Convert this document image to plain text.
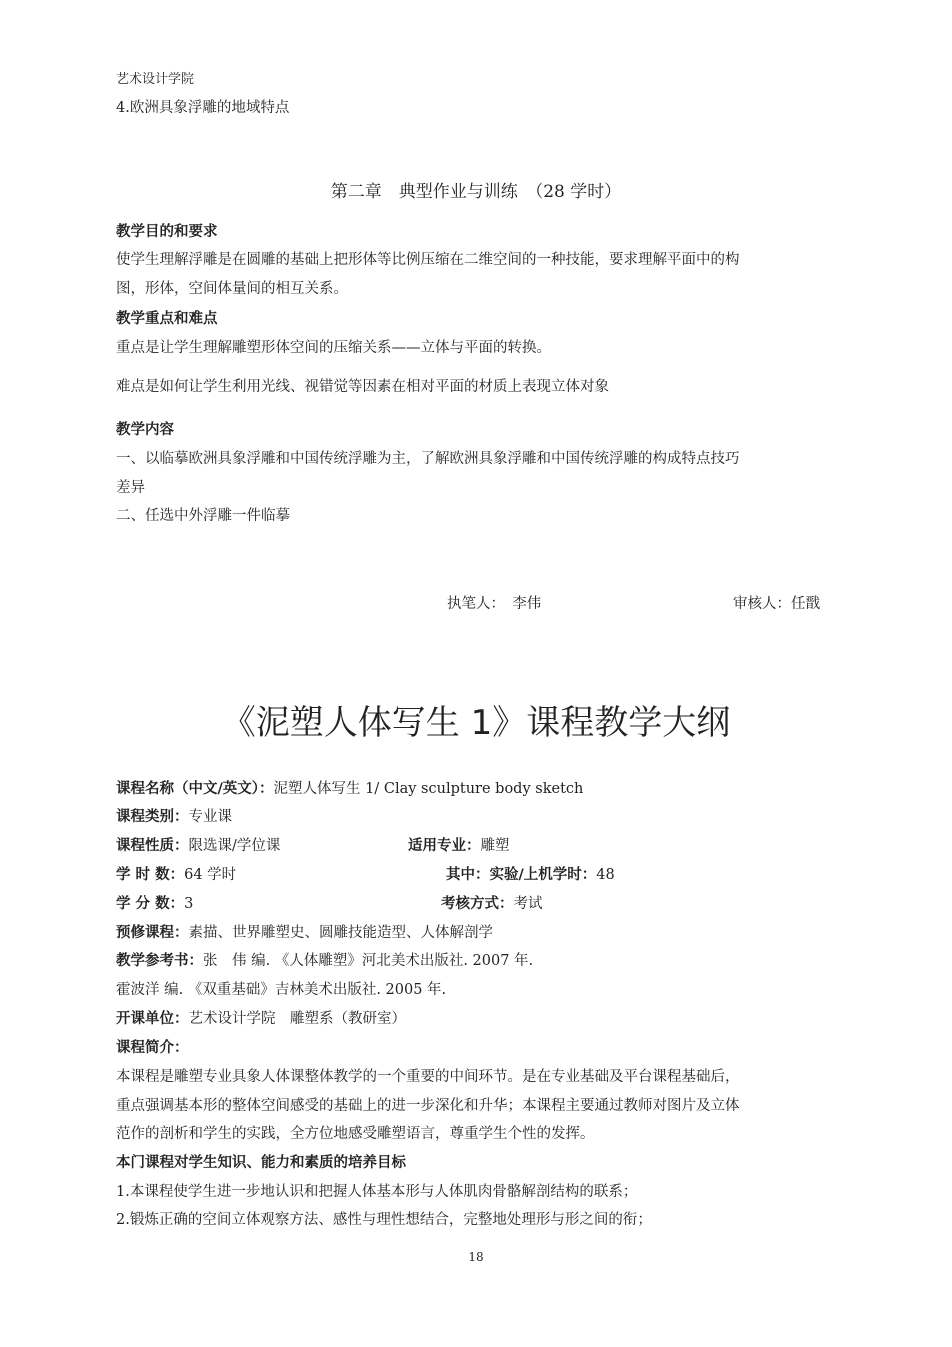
艺术设计学院
4.欧洲具象浮雕的地域特点
第二章　典型作业与训练　（28 学时）
教学目的和要求
使学生理解浮雕是在圆雕的基础上把形体等比例压缩在二维空间的一种技能，要求理解平面中的构
图，形体，空间体量间的相互关系。
教学重点和难点
重点是让学生理解雕塑形体空间的压缩关系——立体与平面的转换。
难点是如何让学生利用光线、视错觉等因素在相对平面的材质上表现立体对象
教学内容
一、以临摹欧洲具象浮雕和中国传统浮雕为主，了解欧洲具象浮雕和中国传统浮雕的构成特点技巧
差异
二、任选中外浮雕一件临摹
执笔人：　李伟	审核人：任戬
《泥塑人体写生 1》课程教学大纲
课程名称（中文/英文）：泥塑人体写生 1/ Clay sculpture body sketch
课程类别：专业课
课程性质：限选课/学位课	适用专业：雕塑
学 时 数：64 学时	其中：实验/上机学时：48
学 分 数：3	考核方式：考试
预修课程：素描、世界雕塑史、圆雕技能造型、人体解剖学
教学参考书：张　伟 编. 《人体雕塑》河北美术出版社. 2007 年.
霍波洋 编. 《双重基础》吉林美术出版社. 2005 年.
开课单位：艺术设计学院　雕塑系（教研室）
课程简介：
本课程是雕塑专业具象人体课整体教学的一个重要的中间环节。是在专业基础及平台课程基础后，
重点强调基本形的整体空间感受的基础上的进一步深化和升华；本课程主要通过教师对图片及立体
范作的剖析和学生的实践，全方位地感受雕塑语言，尊重学生个性的发挥。
本门课程对学生知识、能力和素质的培养目标
1.本课程使学生进一步地认识和把握人体基本形与人体肌肉骨骼解剖结构的联系；
2.锻炼正确的空间立体观察方法、感性与理性想结合，完整地处理形与形之间的衔；
18
